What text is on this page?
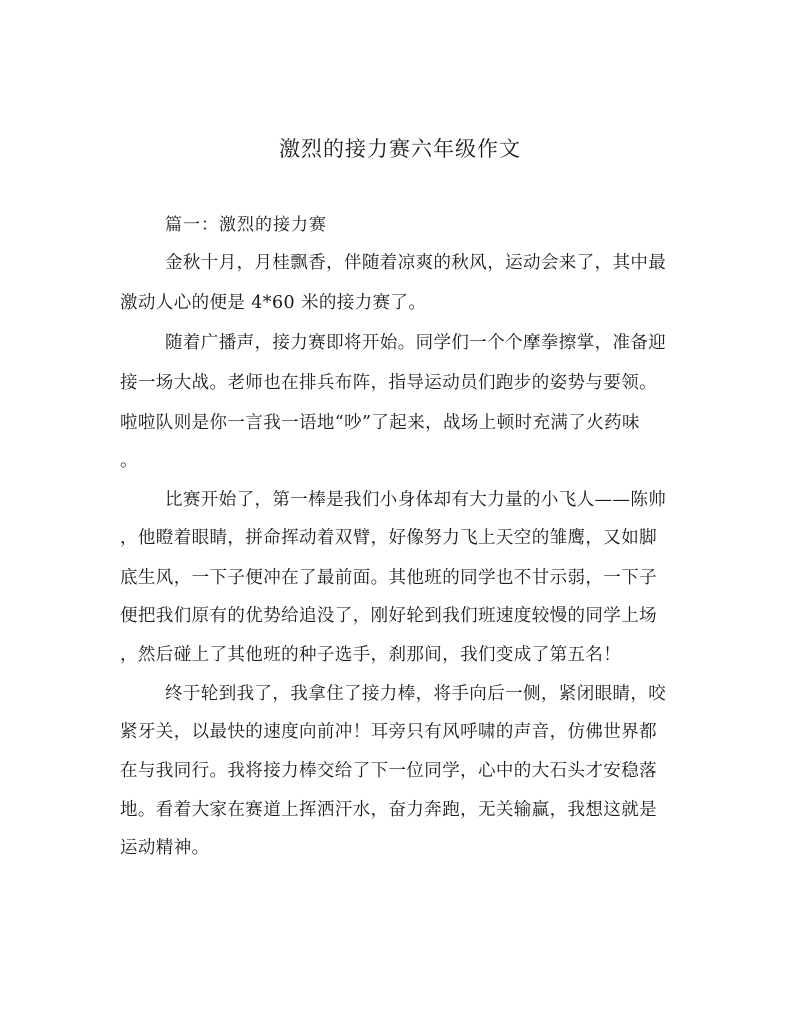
激烈的接力赛六年级作文
篇一：激烈的接力赛
金秋十月，月桂飘香，伴随着凉爽的秋风，运动会来了，其中最
激动人心的便是 4*60 米的接力赛了。
随着广播声，接力赛即将开始。同学们一个个摩拳擦掌，准备迎
接一场大战。老师也在排兵布阵，指导运动员们跑步的姿势与要领。
啦啦队则是你一言我一语地“吵”了起来，战场上顿时充满了火药味
。
比赛开始了，第一棒是我们小身体却有大力量的小飞人——陈帅
，他瞪着眼睛，拼命挥动着双臂，好像努力飞上天空的雏鹰，又如脚
底生风，一下子便冲在了最前面。其他班的同学也不甘示弱，一下子
便把我们原有的优势给追没了，刚好轮到我们班速度较慢的同学上场
，然后碰上了其他班的种子选手，刹那间，我们变成了第五名！
终于轮到我了，我拿住了接力棒，将手向后一侧，紧闭眼睛，咬
紧牙关，以最快的速度向前冲！耳旁只有风呼啸的声音，仿佛世界都
在与我同行。我将接力棒交给了下一位同学，心中的大石头才安稳落
地。看着大家在赛道上挥洒汗水，奋力奔跑，无关输赢，我想这就是
运动精神。
